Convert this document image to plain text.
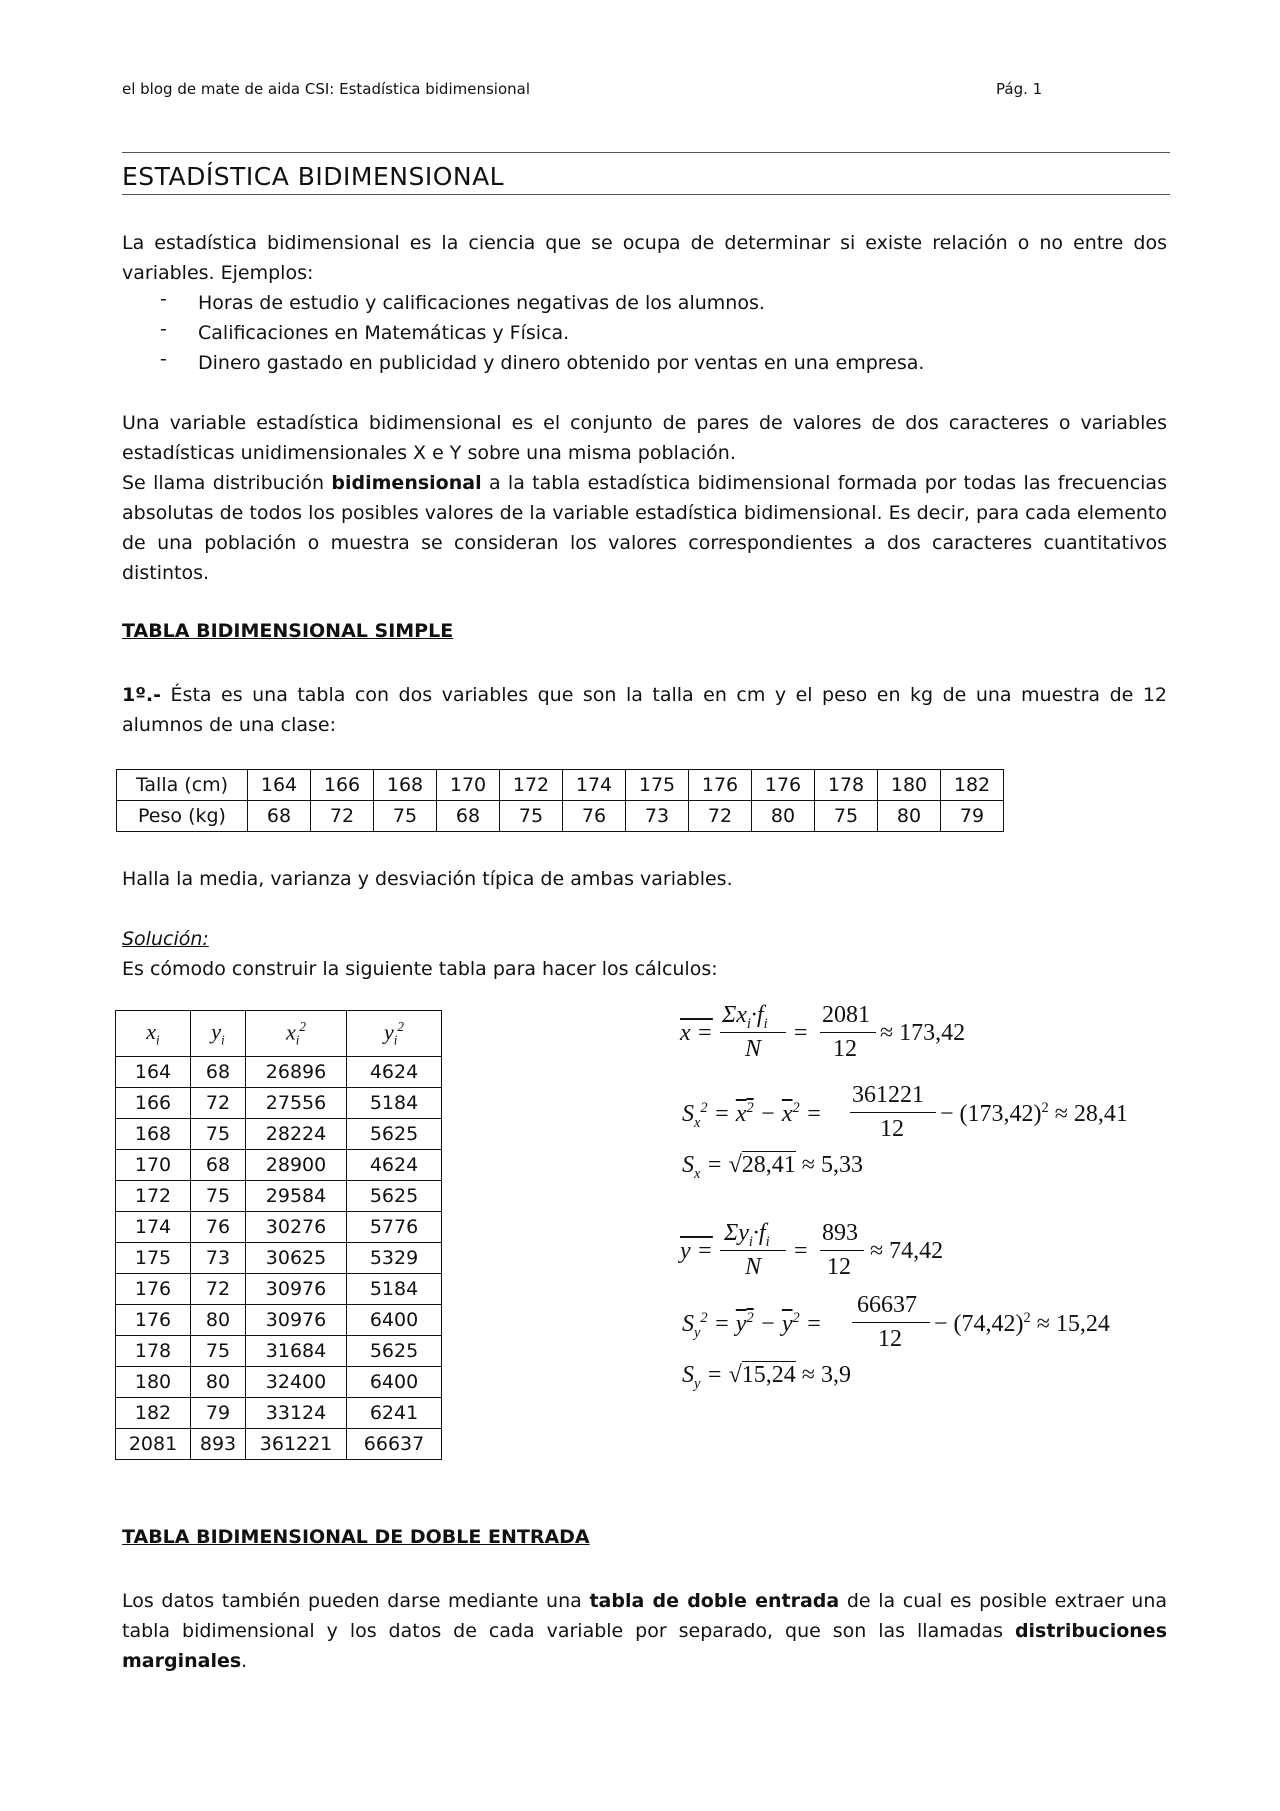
el blog de mate de aida CSI: Estadística bidimensional	Pág. 1
ESTADÍSTICA BIDIMENSIONAL
La estadística bidimensional es la ciencia que se ocupa de determinar si existe relación o no entre dos variables. Ejemplos:
- Horas de estudio y calificaciones negativas de los alumnos.
- Calificaciones en Matemáticas y Física.
- Dinero gastado en publicidad y dinero obtenido por ventas en una empresa.
Una variable estadística bidimensional es el conjunto de pares de valores de dos caracteres o variables estadísticas unidimensionales X e Y sobre una misma población.
Se llama distribución bidimensional a la tabla estadística bidimensional formada por todas las frecuencias absolutas de todos los posibles valores de la variable estadística bidimensional. Es decir, para cada elemento de una población o muestra se consideran los valores correspondientes a dos caracteres cuantitativos distintos.
TABLA BIDIMENSIONAL SIMPLE
1º.- Ésta es una tabla con dos variables que son la talla en cm y el peso en kg de una muestra de 12 alumnos de una clase:
Talla (cm)	164	166	168	170	172	174	175	176	176	178	180	182
Peso (kg)	68	72	75	68	75	76	73	72	80	75	80	79
Halla la media, varianza y desviación típica de ambas variables.
Solución:
Es cómodo construir la siguiente tabla para hacer los cálculos:
$x_i$	$y_i$	$x_i^2$	$y_i^2$
164	68	26896	4624
166	72	27556	5184
168	75	28224	5625
170	68	28900	4624
172	75	29584	5625
174	76	30276	5776
175	73	30625	5329
176	72	30976	5184
176	80	30976	6400
178	75	31684	5625
180	80	32400	6400
182	79	33124	6241
2081	893	361221	66637
x =
$\Sigma x_i\cdot f_i$
N
=
2081
12
≈ 173,42
$S_x^2 = x^2 - \overline{x}^2$ =
361221
12
− $(173,42)^2 \approx 28,41$
$S_x = √28,41 \approx 5,33$
y =
$\Sigma y_i\cdot f_i$
N
=
893
12
≈ 74,42
$S_y^2 = y^2 - \overline{y}^2$ =
66637
12
− $(74,42)^2 \approx 15,24$
$S_y = √15,24 \approx 3,9$
TABLA BIDIMENSIONAL DE DOBLE ENTRADA
Los datos también pueden darse mediante una tabla de doble entrada de la cual es posible extraer una tabla bidimensional y los datos de cada variable por separado, que son las llamadas distribuciones marginales.
